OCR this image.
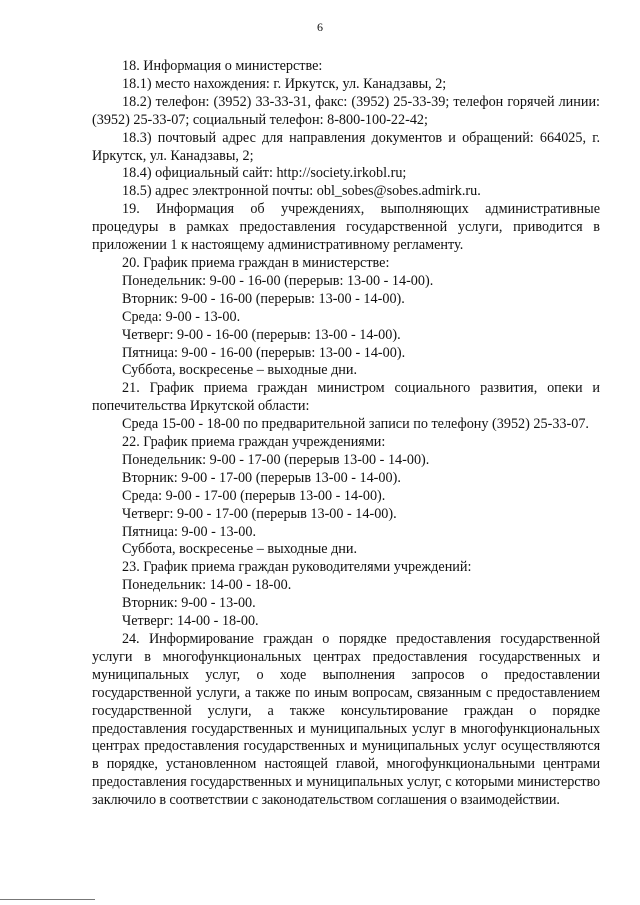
6

18. Информация о министерстве:

18.1) место нахождения: г. Иркутск, ул. Канадзавы, 2;

18.2) телефон: (3952) 33-33-31, факс: (3952) 25-33-39; телефон горячей линии: (3952) 25-33-07; социальный телефон: 8-800-100-22-42;

18.3) почтовый адрес для направления документов и обращений: 664025, г. Иркутск, ул. Канадзавы, 2;

18.4) официальный сайт: http://society.irkobl.ru;

18.5) адрес электронной почты: obl_sobes@sobes.admirk.ru.

19. Информация об учреждениях, выполняющих административные процедуры в рамках предоставления государственной услуги, приводится в приложении 1 к настоящему административному регламенту.

20. График приема граждан в министерстве:

Понедельник: 9-00 - 16-00 (перерыв: 13-00 - 14-00).

Вторник: 9-00 - 16-00 (перерыв: 13-00 - 14-00).

Среда: 9-00 - 13-00.

Четверг: 9-00 - 16-00 (перерыв: 13-00 - 14-00).

Пятница: 9-00 - 16-00 (перерыв: 13-00 - 14-00).

Суббота, воскресенье – выходные дни.

21. График приема граждан министром социального развития, опеки и попечительства Иркутской области:

Среда 15-00 - 18-00 по предварительной записи по телефону (3952) 25-33-07.

22. График приема граждан учреждениями:

Понедельник: 9-00 - 17-00 (перерыв 13-00 - 14-00).

Вторник: 9-00 - 17-00 (перерыв 13-00 - 14-00).

Среда: 9-00 - 17-00 (перерыв 13-00 - 14-00).

Четверг: 9-00 - 17-00 (перерыв 13-00 - 14-00).

Пятница: 9-00 - 13-00.

Суббота, воскресенье – выходные дни.

23. График приема граждан руководителями учреждений:

Понедельник: 14-00 - 18-00.

Вторник: 9-00 - 13-00.

Четверг: 14-00 - 18-00.

24. Информирование граждан о порядке предоставления государственной услуги в многофункциональных центрах предоставления государственных и муниципальных услуг, о ходе выполнения запросов о предоставлении государственной услуги, а также по иным вопросам, связанным с предоставлением государственной услуги, а также консультирование граждан о порядке предоставления государственных и муниципальных услуг в многофункциональных центрах предоставления государственных и муниципальных услуг осуществляются в порядке, установленном настоящей главой, многофункциональными центрами предоставления государственных и муниципальных услуг, с которыми министерство заключило в соответствии с законодательством соглашения о взаимодействии.
